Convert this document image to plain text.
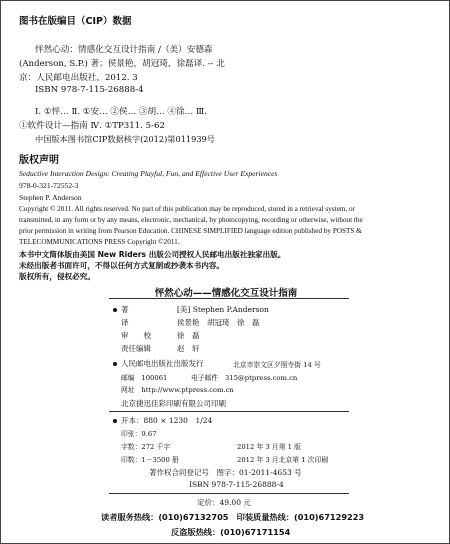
图书在版编目（CIP）数据
怦然心动：情感化交互设计指南 /（美）安德森
(Anderson, S.P.) 著；侯景艳，胡冠琦，徐磊译. -- 北
京：人民邮电出版社，2012. 3
ISBN 978-7-115-26888-4
Ⅰ. ①怦… Ⅱ. ①安… ②侯… ③胡… ④徐… Ⅲ.
①软件设计—指南 Ⅳ. ①TP311. 5-62
中国版本图书馆CIP数据核字(2012)第011939号
版权声明
Seductive Interaction Design: Creating Playful, Fun, and Effective User Experiences
978-0-321-72552-3
Stephen P. Anderson
Copyright © 2011. All rights reserved. No part of this publication may be reproduced, stored in a retrieval system, or
transmitted, in any form or by any means, electronic, mechanical, by photocopying, recording or otherwise, without the
prior permission in writing from Pearson Education. CHINESE SIMPLIFIED language edition published by POSTS &
TELECOMMUNICATIONS PRESS Copyright ©2011.
本书中文简体版由美国 New Riders 出版公司授权人民邮电出版社独家出版。
未经出版者书面许可，不得以任何方式复制或抄袭本书内容。
版权所有，侵权必究。
怦然心动——情感化交互设计指南
著	[美] Stephen P.Anderson
译	侯景艳　胡冠琦　徐　磊
审　　校	徐　磊
责任编辑	赵　轩
人民邮电出版社出版发行	北京市崇文区夕照寺街 14 号
邮编　100061	电子邮件　315@ptpress.com.cn
网址　http://www.ptpress.com.cn
北京捷迅佳彩印刷有限公司印刷
开本：880 × 1230　1/24
印张：9.67
字数：272 千字	2012 年 3 月第 1 版
印数：1－3500 册	2012 年 3 月北京第 1 次印刷
著作权合同登记号　图字：01-2011-4653 号
ISBN 978-7-115-26888-4
定价：49.00 元
读者服务热线：(010)67132705　印装质量热线：(010)67129223
反盗版热线：(010)67171154
